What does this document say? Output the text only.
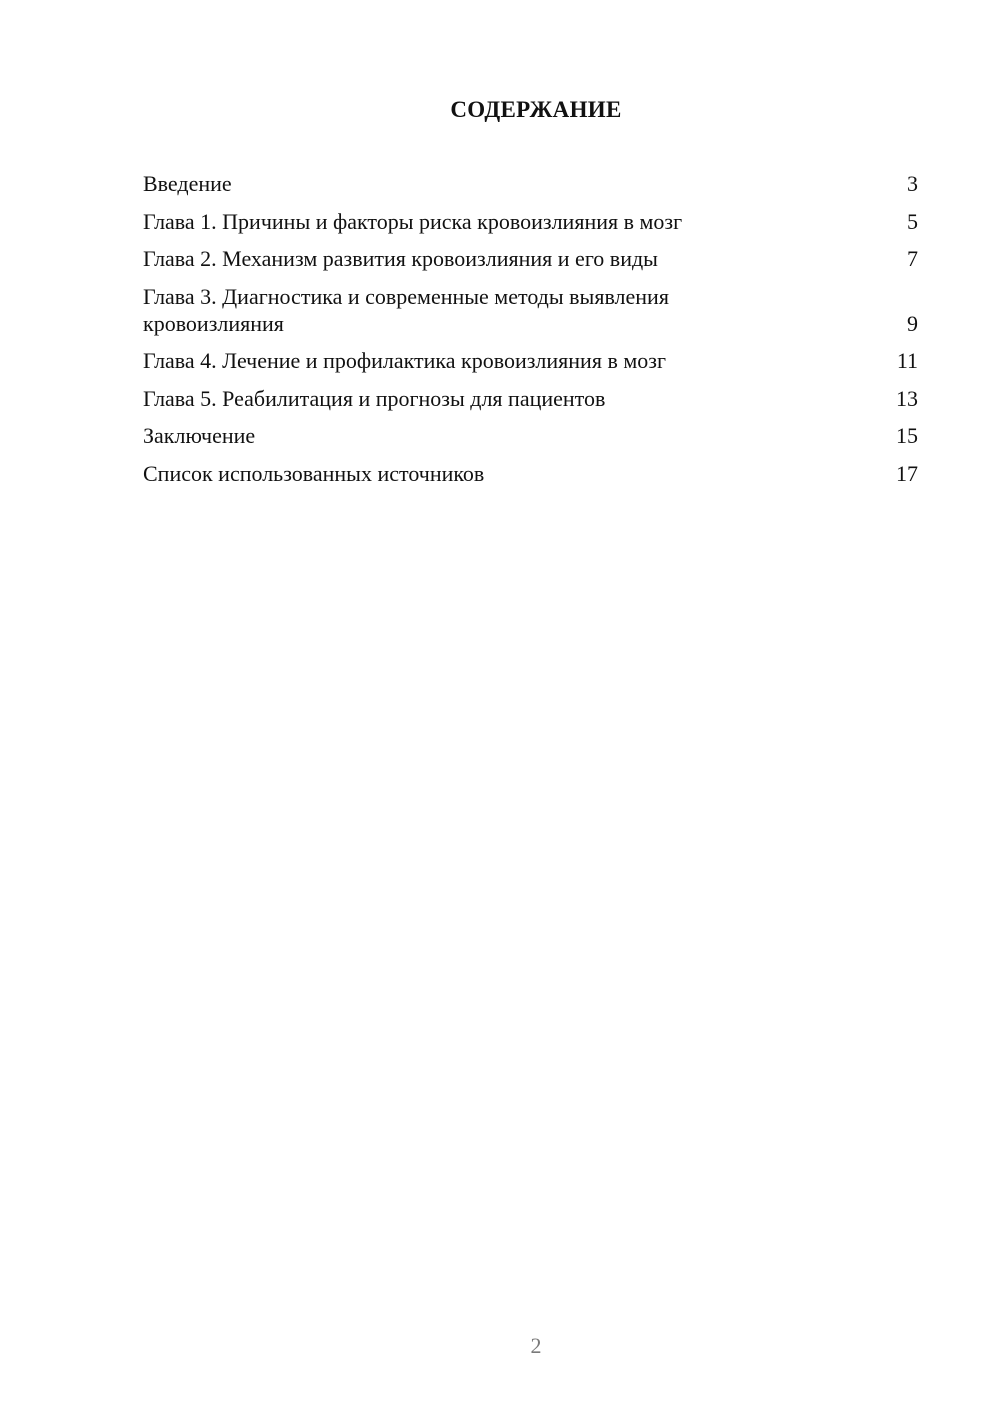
СОДЕРЖАНИЕ
Введение	3
Глава 1. Причины и факторы риска кровоизлияния в мозг	5
Глава 2. Механизм развития кровоизлияния и его виды	7
Глава 3. Диагностика и современные методы выявления кровоизлияния	9
Глава 4. Лечение и профилактика кровоизлияния в мозг	11
Глава 5. Реабилитация и прогнозы для пациентов	13
Заключение	15
Список использованных источников	17
2
